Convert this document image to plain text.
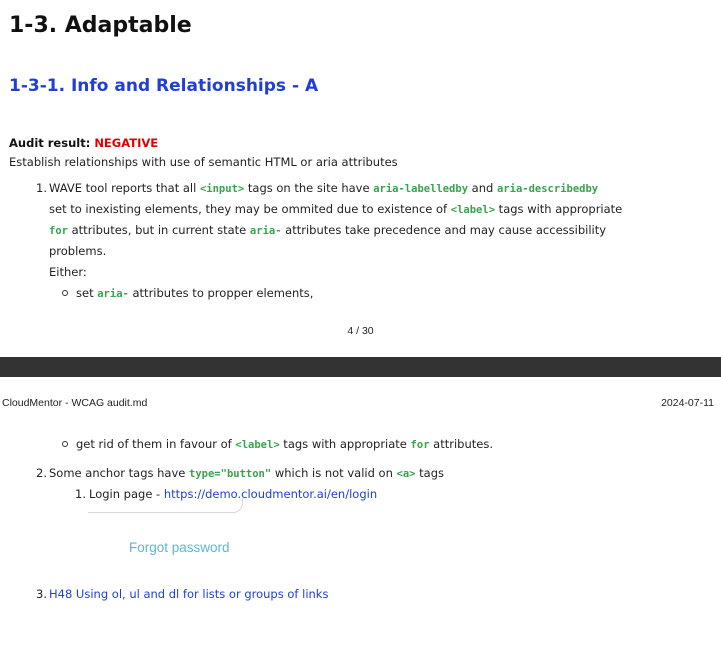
1-3. Adaptable
1-3-1. Info and Relationships - A
Audit result: NEGATIVE
Establish relationships with use of semantic HTML or aria attributes
1. WAVE tool reports that all <input> tags on the site have aria-labelledby and aria-describedby
set to inexisting elements, they may be ommited due to existence of <label> tags with appropriate
for attributes, but in current state aria- attributes take precedence and may cause accessibility
problems.
Either:
set aria- attributes to propper elements,
4 / 30
CloudMentor - WCAG audit.md	2024-07-11
get rid of them in favour of <label> tags with appropriate for attributes.
2. Some anchor tags have type="button" which is not valid on <a> tags
1. Login page - https://demo.cloudmentor.ai/en/login
Forgot password
3. H48 Using ol, ul and dl for lists or groups of links
